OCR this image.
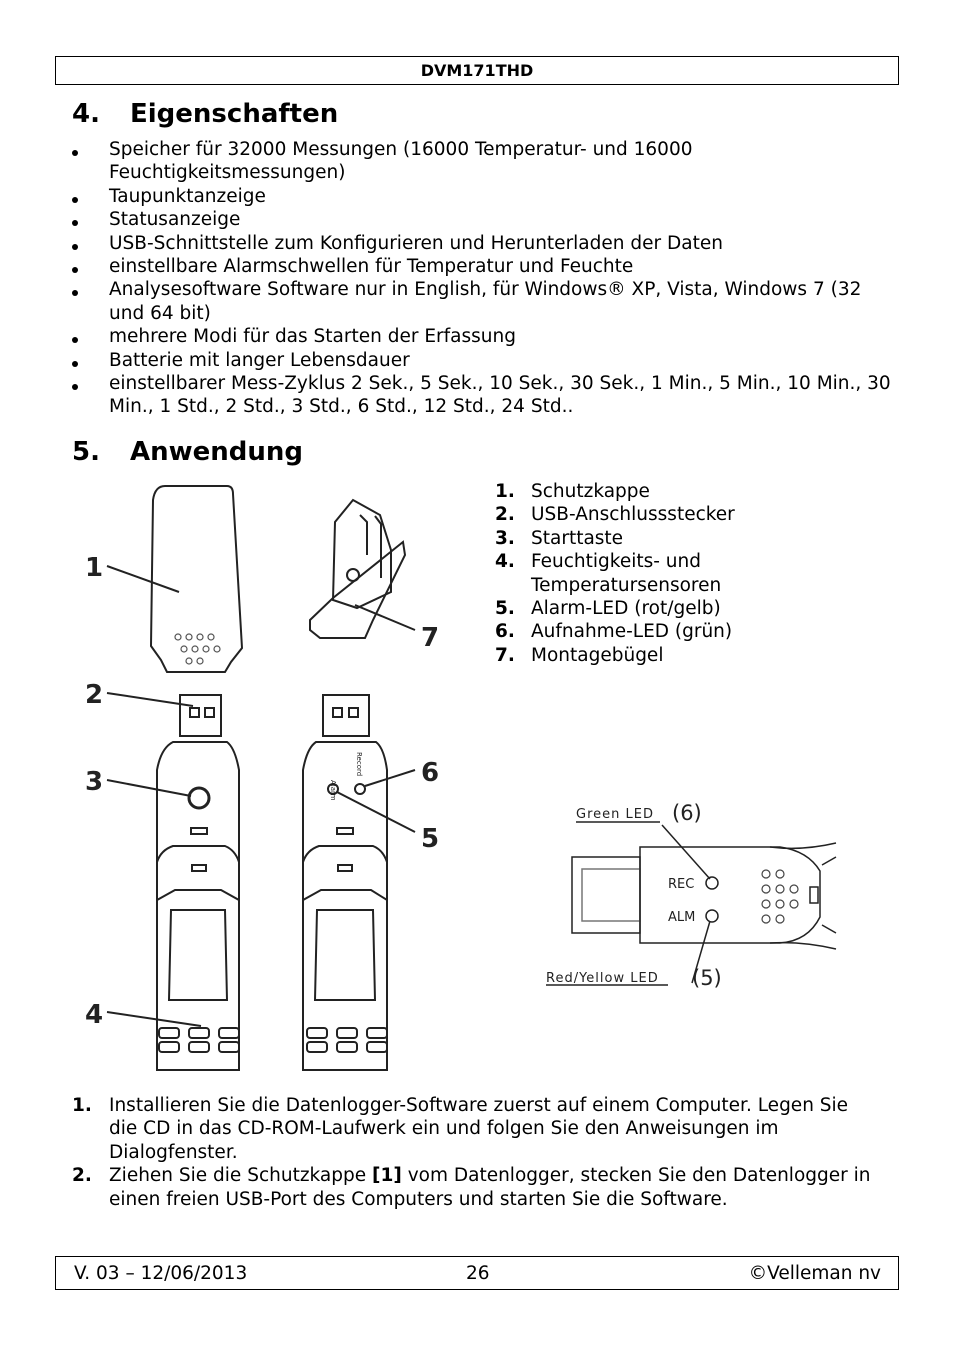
DVM171THD
4. Eigenschaften
Speicher für 32000 Messungen (16000 Temperatur- und 16000 Feuchtigkeitsmessungen)
Taupunktanzeige
Statusanzeige
USB-Schnittstelle zum Konfigurieren und Herunterladen der Daten
einstellbare Alarmschwellen für Temperatur und Feuchte
Analysesoftware Software nur in English, für Windows® XP, Vista, Windows 7 (32 und 64 bit)
mehrere Modi für das Starten der Erfassung
Batterie mit langer Lebensdauer
einstellbarer Mess-Zyklus 2 Sek., 5 Sek., 10 Sek., 30 Sek., 1 Min., 5 Min., 10 Min., 30 Min., 1 Std., 2 Std., 3 Std., 6 Std., 12 Std., 24 Std..
5. Anwendung
1. Schutzkappe
2. USB-Anschlussstecker
3. Starttaste
4. Feuchtigkeits- und Temperatursensoren
5. Alarm-LED (rot/gelb)
6. Aufnahme-LED (grün)
7. Montagebügel
1
2
3
4
5
6
7
Alarm
Record
Green LED (6)
REC
ALM
Red/Yellow LED (5)
1. Installieren Sie die Datenlogger-Software zuerst auf einem Computer. Legen Sie die CD in das CD-ROM-Laufwerk ein und folgen Sie den Anweisungen im Dialogfenster.
2. Ziehen Sie die Schutzkappe [1] vom Datenlogger, stecken Sie den Datenlogger in einen freien USB-Port des Computers und starten Sie die Software.
V. 03 – 12/06/2013	26	©Velleman nv
